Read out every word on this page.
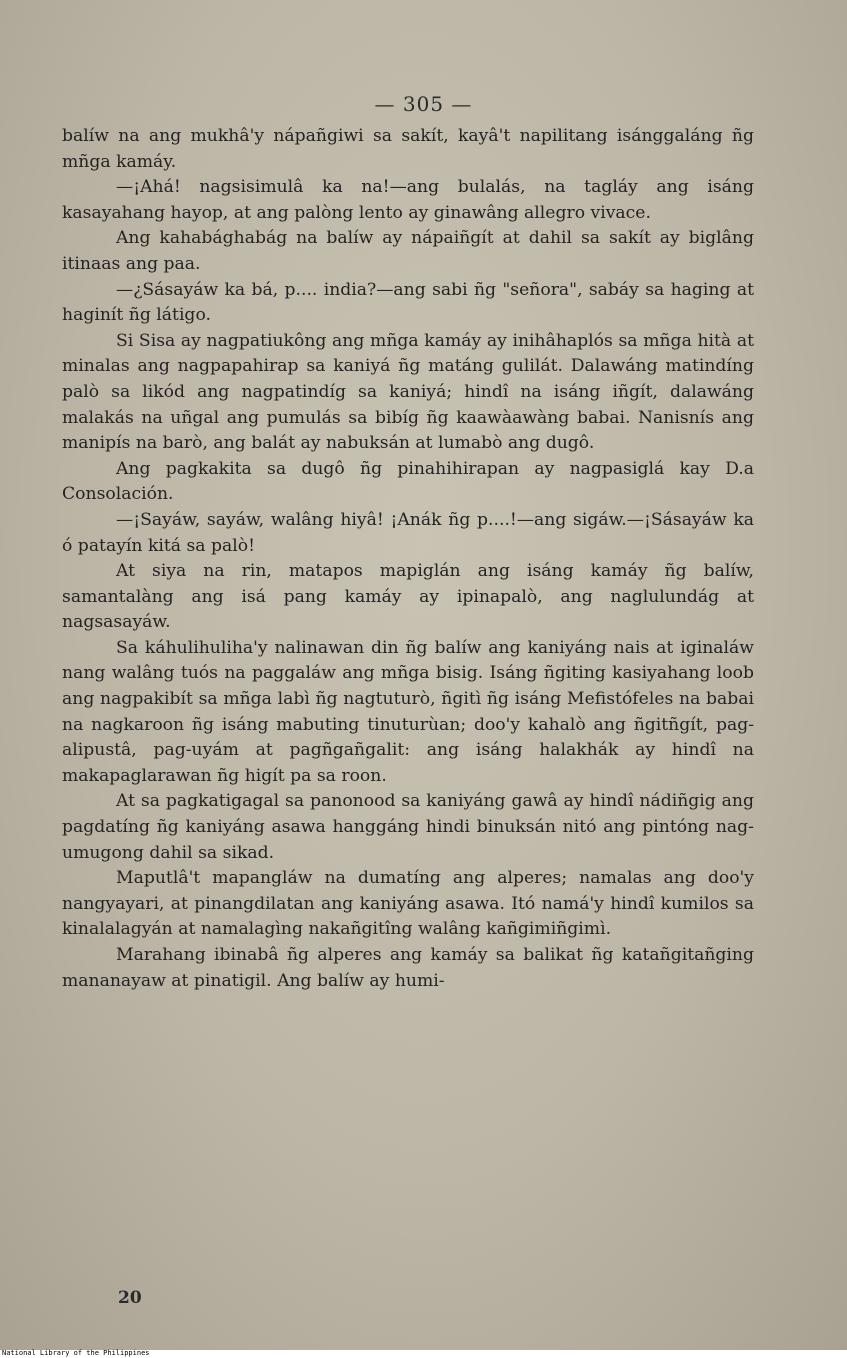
— 305 —

balíw na ang mukhâ'y nápañgiwi sa sakít, kayâ't napilitang isánggaláng ñg mñga kamáy.

—¡Ahá! nagsisimulâ ka na!—ang bulalás, na tagláy ang isáng kasayahang hayop, at ang palòng lento ay ginawâng allegro vivace.

Ang kahabághabág na balíw ay nápaiñgít at dahil sa sakít ay biglâng itinaas ang paa.

—¿Sásayáw ka bá, p.... india?—ang sabi ñg "señora", sabáy sa haging at haginít ñg látigo.

Si Sisa ay nagpatiukông ang mñga kamáy ay inihâhaplós sa mñga hità at minalas ang nagpapahirap sa kaniyá ñg matáng gulilát. Dalawáng matindíng palò sa likód ang nagpatindíg sa kaniyá; hindî na isáng iñgít, dalawáng malakás na uñgal ang pumulás sa bibíg ñg kaawàawàng babai. Nanisnís ang manipís na barò, ang balát ay nabuksán at lumabò ang dugô.

Ang pagkakita sa dugô ñg pinahihirapan ay nagpasiglá kay D.a Consolación.

—¡Sayáw, sayáw, walâng hiyâ! ¡Anák ñg p....!—ang sigáw.—¡Sásayáw ka ó patayín kitá sa palò!

At siya na rin, matapos mapiglán ang isáng kamáy ñg balíw, samantalàng ang isá pang kamáy ay ipinapalò, ang naglulundág at nagsasayáw.

Sa káhulihuliha'y nalinawan din ñg balíw ang kaniyáng nais at iginaláw nang walâng tuós na paggaláw ang mñga bisig. Isáng ñgiting kasiyahang loob ang nagpakibít sa mñga labì ñg nagtuturò, ñgitì ñg isáng Mefistófeles na babai na nagkaroon ñg isáng mabuting tinuturùan; doo'y kahalò ang ñgitñgít, pag-alipustâ, pag-uyám at pagñgañgalit: ang isáng halakhák ay hindî na makapaglarawan ñg higít pa sa roon.

At sa pagkatigagal sa panonood sa kaniyáng gawâ ay hindî nádiñgig ang pagdatíng ñg kaniyáng asawa hanggáng hindi binuksán nitó ang pintóng nag-umugong dahil sa sikad.

Maputlâ't mapangláw na dumatíng ang alperes; namalas ang doo'y nangyayari, at pinangdilatan ang kaniyáng asawa. Itó namá'y hindî kumilos sa kinalalagyán at namalagìng nakañgitîng walâng kañgimiñgimì.

Marahang ibinabâ ñg alperes ang kamáy sa balikat ñg katañgitañging mananayaw at pinatigil. Ang balíw ay humi-

20
National Library of the Philippines
